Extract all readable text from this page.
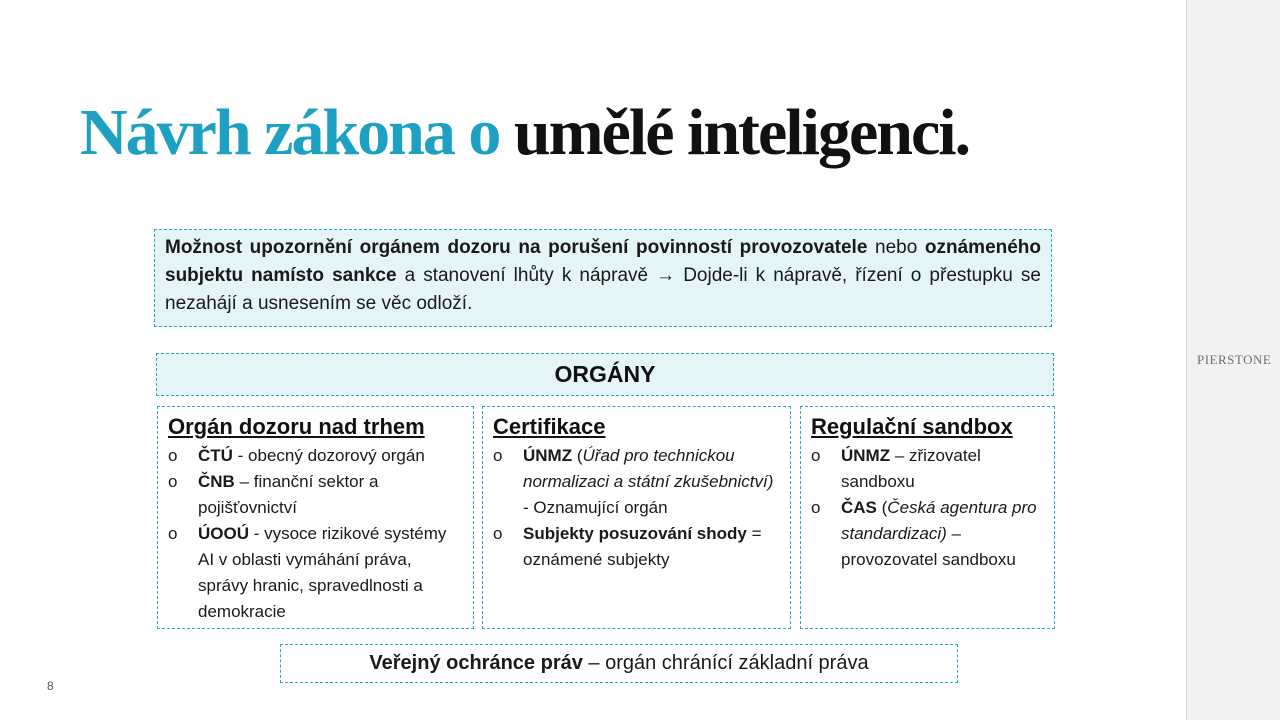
Návrh zákona o umělé inteligenci.
Možnost upozornění orgánem dozoru na porušení povinností provozovatele nebo oznámeného subjektu namísto sankce a stanovení lhůty k nápravě → Dojde-li k nápravě, řízení o přestupku se nezahájí a usnesením se věc odloží.
ORGÁNY
Orgán dozoru nad trhem
o ČTÚ - obecný dozorový orgán
o ČNB – finanční sektor a pojišťovnictví
o ÚOOÚ - vysoce rizikové systémy AI v oblasti vymáhání práva, správy hranic, spravedlnosti a demokracie
Certifikace
o ÚNMZ (Úřad pro technickou normalizaci a státní zkušebnictví) - Oznamující orgán
o Subjekty posuzování shody = oznámené subjekty
Regulační sandbox
o ÚNMZ – zřizovatel sandboxu
o ČAS (Česká agentura pro standardizaci) – provozovatel sandboxu
Veřejný ochránce práv – orgán chránící základní práva
8
PIERSTONE
